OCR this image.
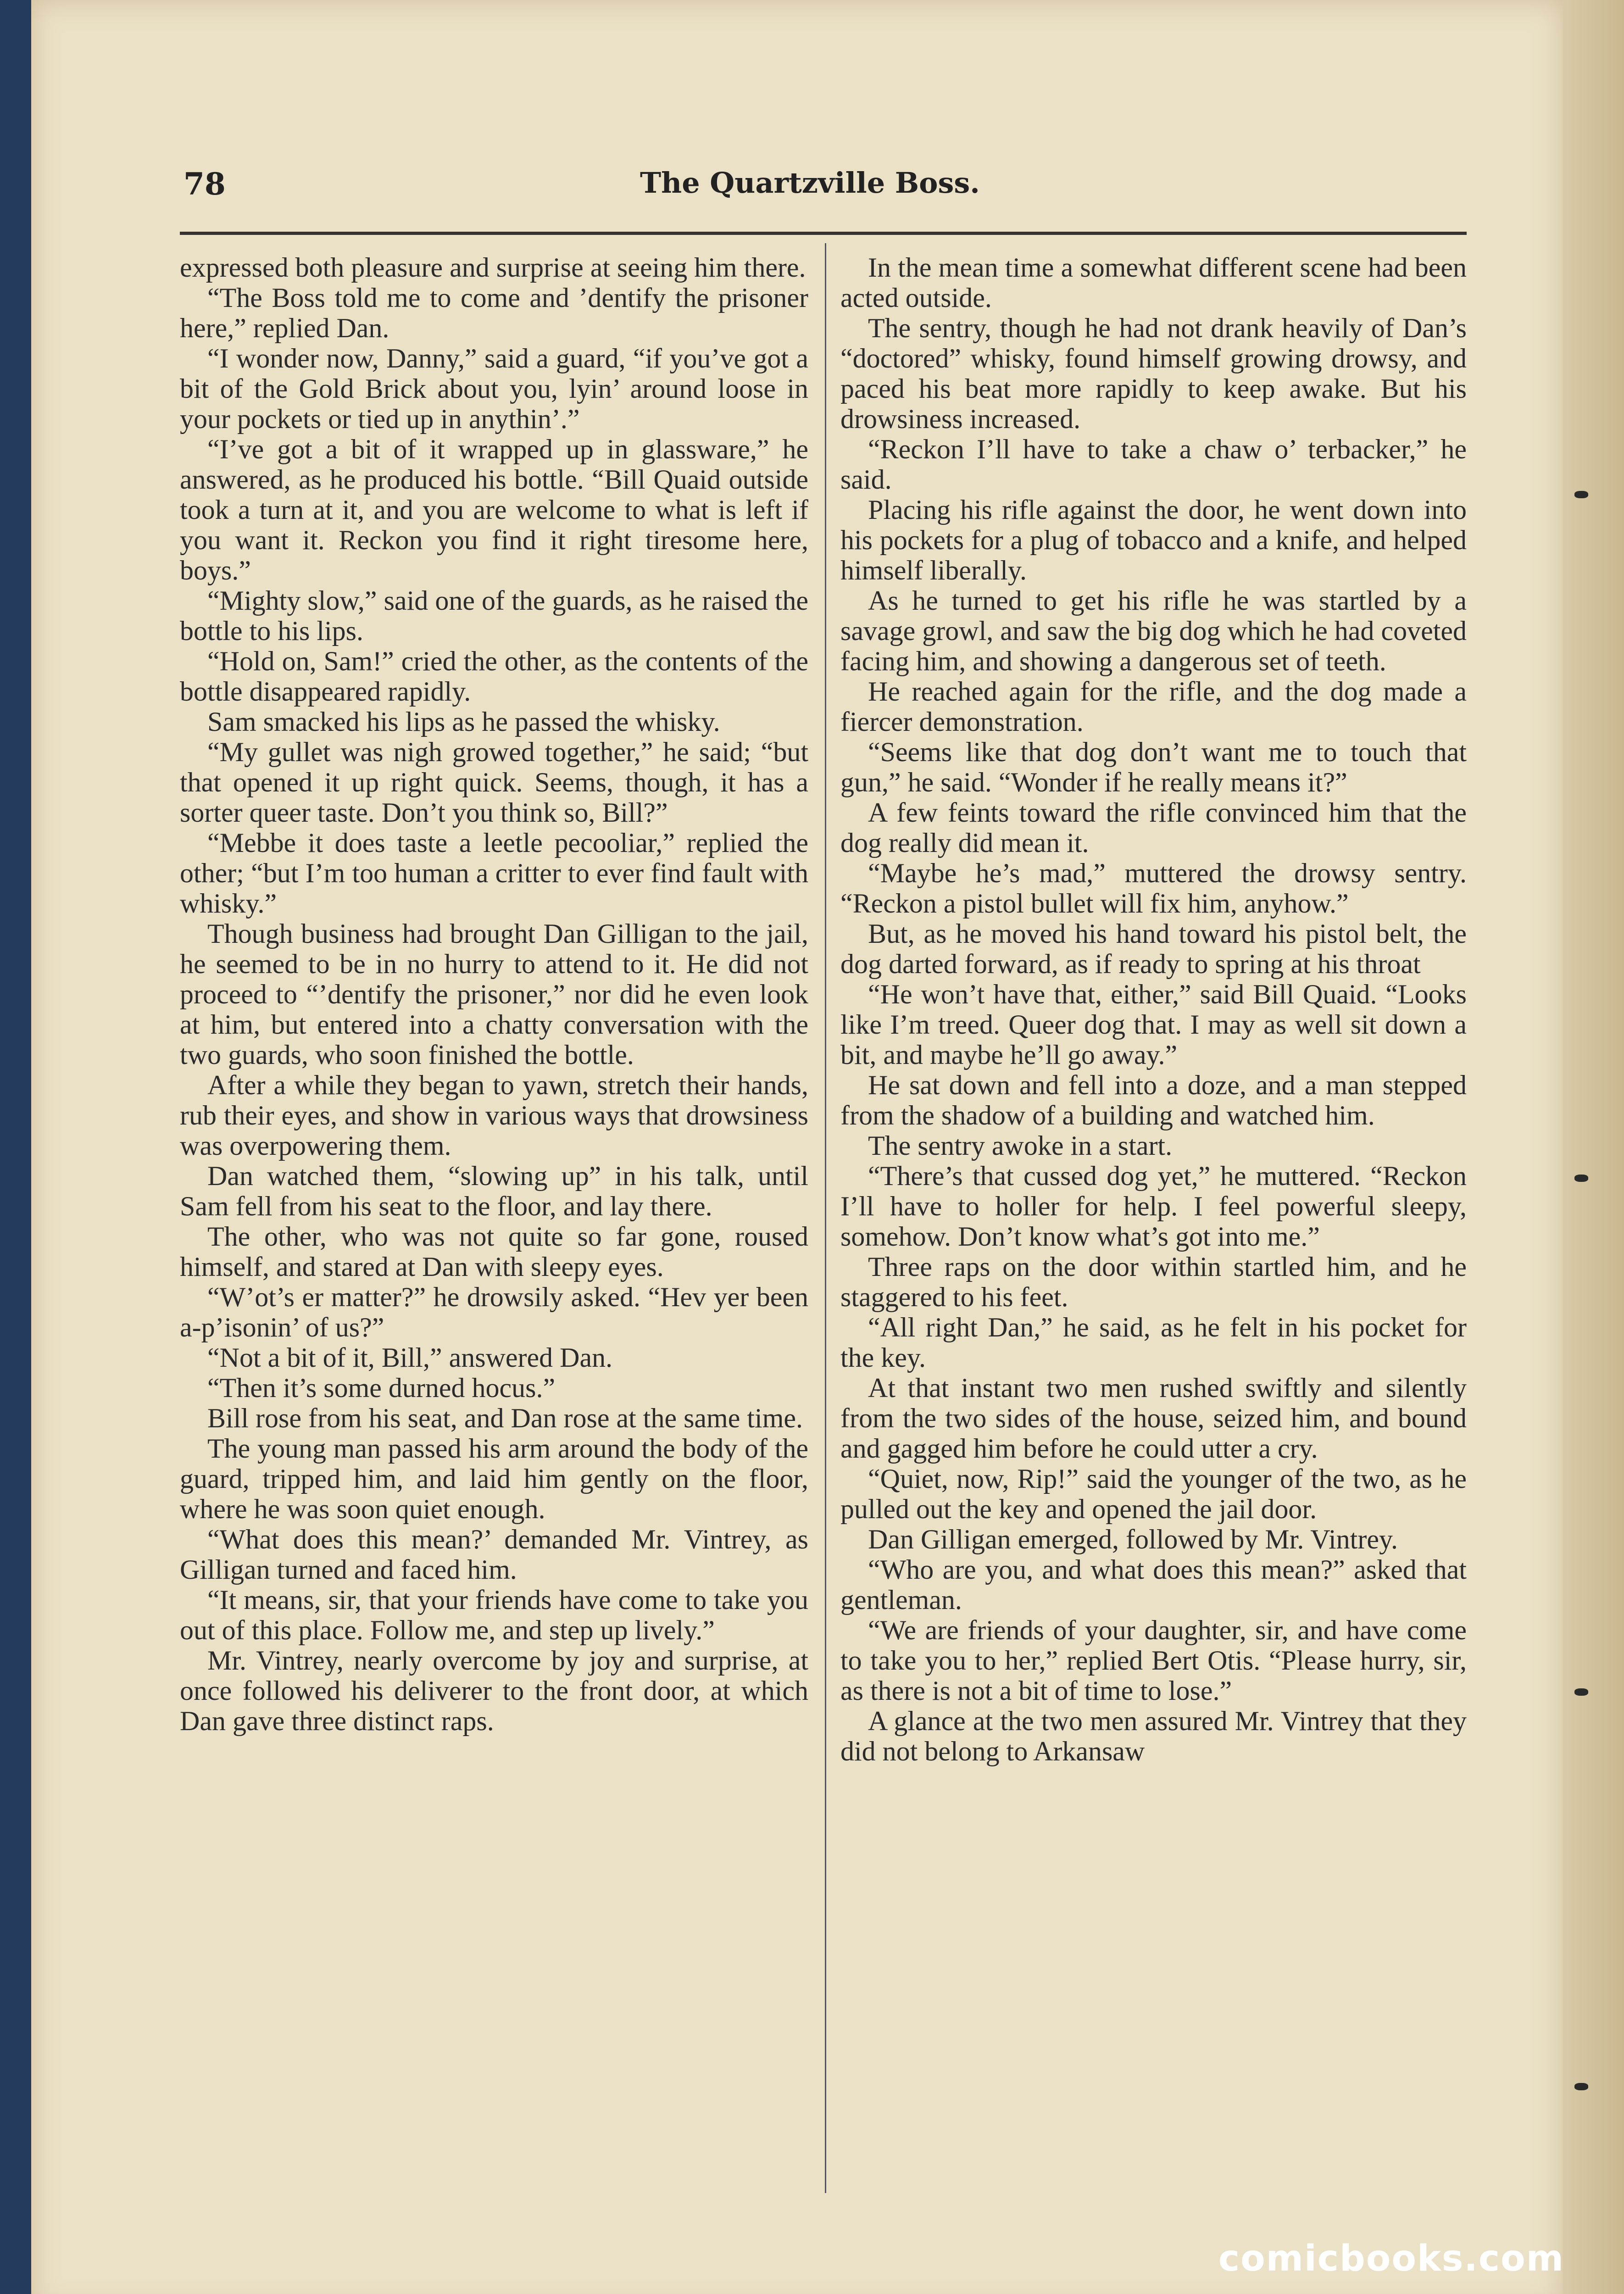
78	The Quartzville Boss.

expressed both pleasure and surprise at seeing him there.

“The Boss told me to come and ’dentify the prisoner here,” replied Dan.

“I wonder now, Danny,” said a guard, “if you’ve got a bit of the Gold Brick about you, lyin’ around loose in your pockets or tied up in anythin’.”

“I’ve got a bit of it wrapped up in glassware,” he answered, as he produced his bottle. “Bill Quaid outside took a turn at it, and you are welcome to what is left if you want it. Reckon you find it right tiresome here, boys.”

“Mighty slow,” said one of the guards, as he raised the bottle to his lips.

“Hold on, Sam!” cried the other, as the contents of the bottle disappeared rapidly.

Sam smacked his lips as he passed the whisky.

“My gullet was nigh growed together,” he said; “but that opened it up right quick. Seems, though, it has a sorter queer taste. Don’t you think so, Bill?”

“Mebbe it does taste a leetle pecooliar,” replied the other; “but I’m too human a critter to ever find fault with whisky.”

Though business had brought Dan Gilligan to the jail, he seemed to be in no hurry to attend to it. He did not proceed to “’dentify the prisoner,” nor did he even look at him, but entered into a chatty conversation with the two guards, who soon finished the bottle.

After a while they began to yawn, stretch their hands, rub their eyes, and show in various ways that drowsiness was overpowering them.

Dan watched them, “slowing up” in his talk, until Sam fell from his seat to the floor, and lay there.

The other, who was not quite so far gone, roused himself, and stared at Dan with sleepy eyes.

“W’ot’s er matter?” he drowsily asked. “Hev yer been a-p’isonin’ of us?”

“Not a bit of it, Bill,” answered Dan.

“Then it’s some durned hocus.”

Bill rose from his seat, and Dan rose at the same time.

The young man passed his arm around the body of the guard, tripped him, and laid him gently on the floor, where he was soon quiet enough.

“What does this mean?’ demanded Mr. Vintrey, as Gilligan turned and faced him.

“It means, sir, that your friends have come to take you out of this place. Follow me, and step up lively.”

Mr. Vintrey, nearly overcome by joy and surprise, at once followed his deliverer to the front door, at which Dan gave three distinct raps.

In the mean time a somewhat different scene had been acted outside.

The sentry, though he had not drank heavily of Dan’s “doctored” whisky, found himself growing drowsy, and paced his beat more rapidly to keep awake. But his drowsiness increased.

“Reckon I’ll have to take a chaw o’ terbacker,” he said.

Placing his rifle against the door, he went down into his pockets for a plug of tobacco and a knife, and helped himself liberally.

As he turned to get his rifle he was startled by a savage growl, and saw the big dog which he had coveted facing him, and showing a dangerous set of teeth.

He reached again for the rifle, and the dog made a fiercer demonstration.

“Seems like that dog don’t want me to touch that gun,” he said. “Wonder if he really means it?”

A few feints toward the rifle convinced him that the dog really did mean it.

“Maybe he’s mad,” muttered the drowsy sentry. “Reckon a pistol bullet will fix him, anyhow.”

But, as he moved his hand toward his pistol belt, the dog darted forward, as if ready to spring at his throat

“He won’t have that, either,” said Bill Quaid. “Looks like I’m treed. Queer dog that. I may as well sit down a bit, and maybe he’ll go away.”

He sat down and fell into a doze, and a man stepped from the shadow of a building and watched him.

The sentry awoke in a start.

“There’s that cussed dog yet,” he muttered. “Reckon I’ll have to holler for help. I feel powerful sleepy, somehow. Don’t know what’s got into me.”

Three raps on the door within startled him, and he staggered to his feet.

“All right Dan,” he said, as he felt in his pocket for the key.

At that instant two men rushed swiftly and silently from the two sides of the house, seized him, and bound and gagged him before he could utter a cry.

“Quiet, now, Rip!” said the younger of the two, as he pulled out the key and opened the jail door.

Dan Gilligan emerged, followed by Mr. Vintrey.

“Who are you, and what does this mean?” asked that gentleman.

“We are friends of your daughter, sir, and have come to take you to her,” replied Bert Otis. “Please hurry, sir, as there is not a bit of time to lose.”

A glance at the two men assured Mr. Vintrey that they did not belong to Arkansaw

comicbooks.com
